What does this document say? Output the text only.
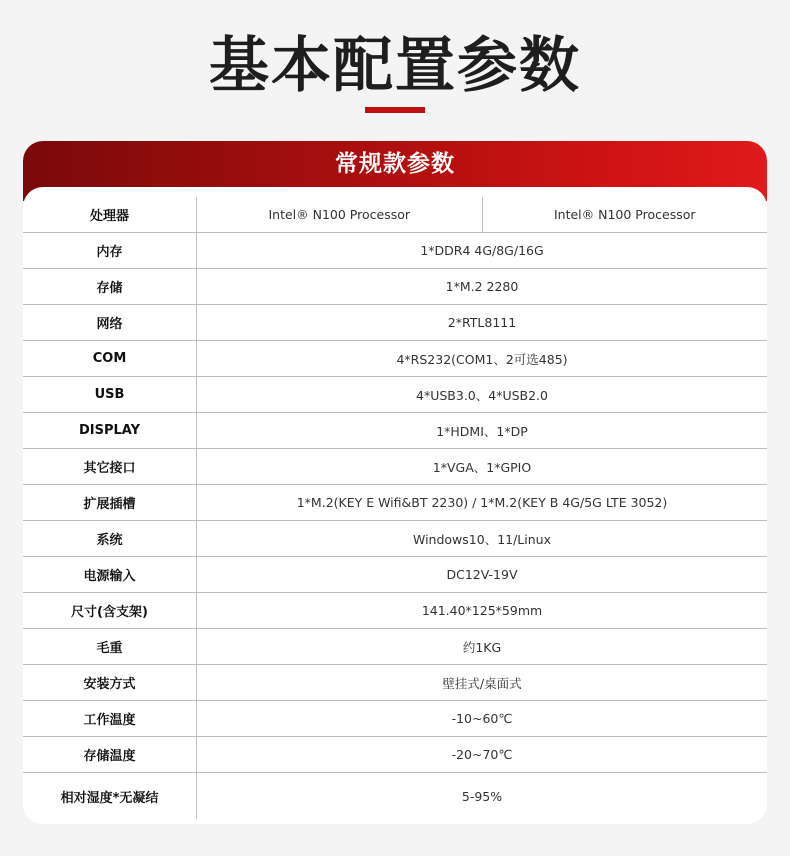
基本配置参数
常规款参数
处理器	Intel® N100 Processor	Intel® N100 Processor
内存	1*DDR4 4G/8G/16G
存储	1*M.2 2280
网络	2*RTL8111
COM	4*RS232(COM1、2可选485)
USB	4*USB3.0、4*USB2.0
DISPLAY	1*HDMI、1*DP
其它接口	1*VGA、1*GPIO
扩展插槽	1*M.2(KEY E Wifi&BT 2230) / 1*M.2(KEY B 4G/5G LTE 3052)
系统	Windows10、11/Linux
电源输入	DC12V-19V
尺寸(含支架)	141.40*125*59mm
毛重	约1KG
安装方式	壁挂式/桌面式
工作温度	-10~60℃
存储温度	-20~70℃
相对湿度*无凝结	5-95%
